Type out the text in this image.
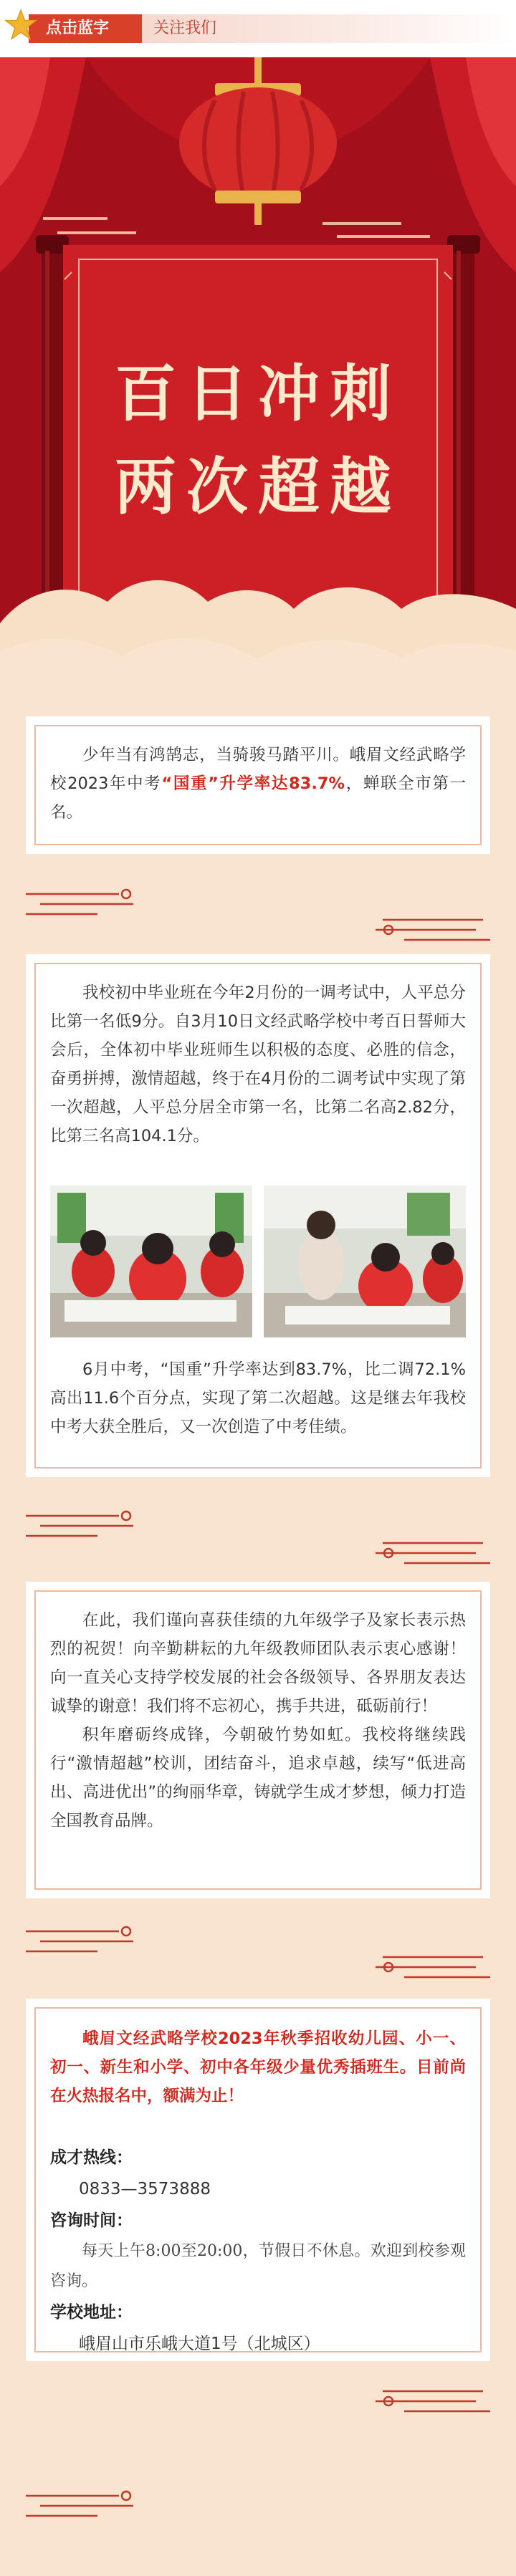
点击蓝字	关注我们
百日冲刺
两次超越

少年当有鸿鹄志，当骑骏马踏平川。峨眉文经武略学校2023年中考“国重”升学率达83.7%，蝉联全市第一名。

我校初中毕业班在今年2月份的一调考试中，人平总分比第一名低9分。自3月10日文经武略学校中考百日誓师大会后，全体初中毕业班师生以积极的态度、必胜的信念，奋勇拼搏，激情超越，终于在4月份的二调考试中实现了第一次超越，人平总分居全市第一名，比第二名高2.82分，比第三名高104.1分。

6月中考，“国重”升学率达到83.7%，比二调72.1%高出11.6个百分点，实现了第二次超越。这是继去年我校中考大获全胜后，又一次创造了中考佳绩。

在此，我们谨向喜获佳绩的九年级学子及家长表示热烈的祝贺！向辛勤耕耘的九年级教师团队表示衷心感谢！向一直关心支持学校发展的社会各级领导、各界朋友表达诚挚的谢意！我们将不忘初心，携手共进，砥砺前行！

积年磨砺终成锋，今朝破竹势如虹。我校将继续践行“激情超越”校训，团结奋斗，追求卓越，续写“低进高出、高进优出”的绚丽华章，铸就学生成才梦想，倾力打造全国教育品牌。

峨眉文经武略学校2023年秋季招收幼儿园、小一、初一、新生和小学、初中各年级少量优秀插班生。目前尚在火热报名中，额满为止！

成才热线：
0833—3573888
咨询时间：
每天上午8:00至20:00，节假日不休息。欢迎到校参观咨询。
学校地址：
峨眉山市乐峨大道1号（北城区）
